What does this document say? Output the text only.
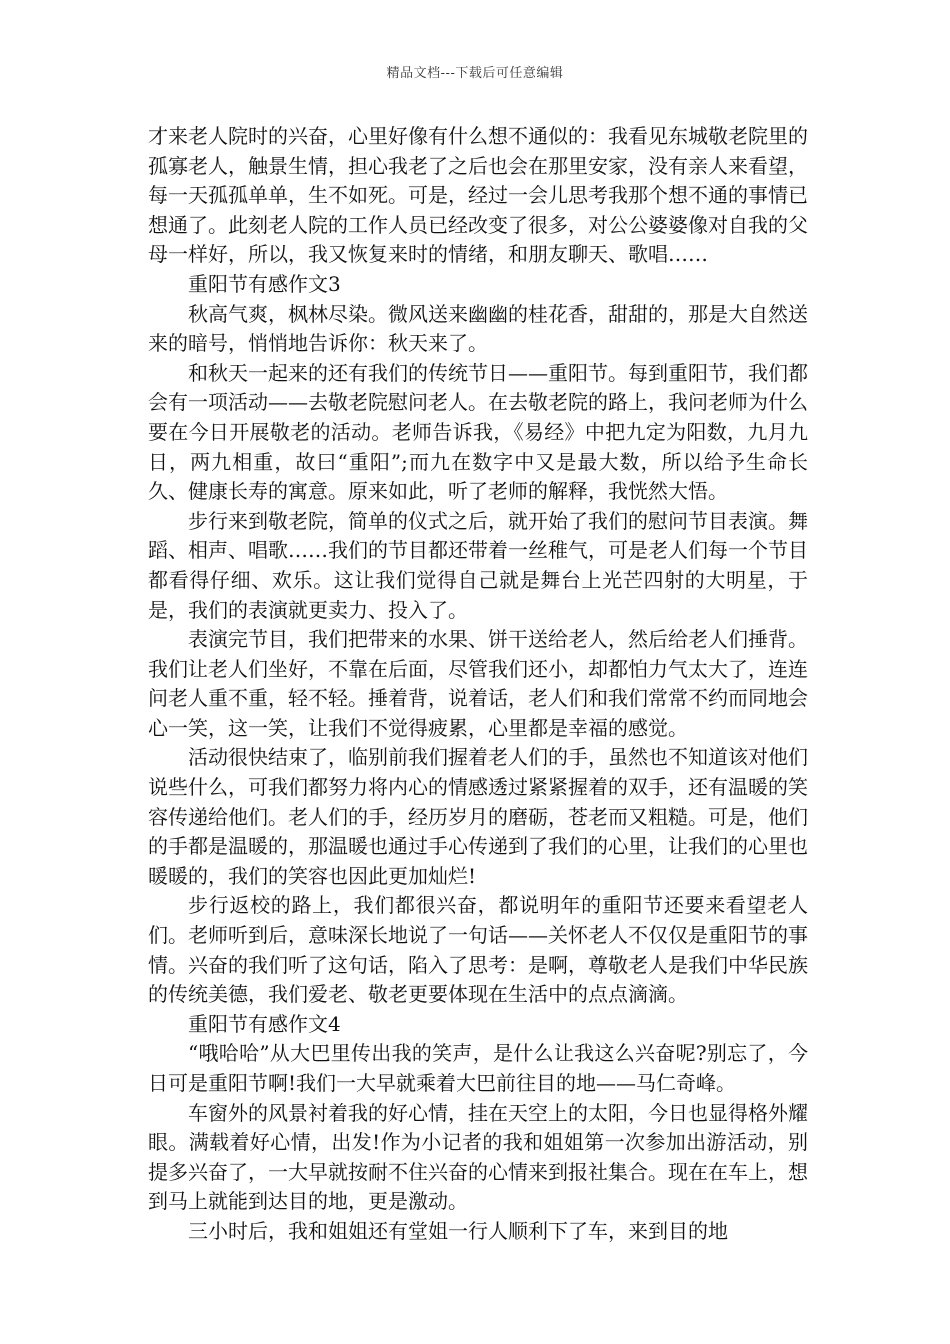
精品文档---下载后可任意编辑

才来老人院时的兴奋，心里好像有什么想不通似的：我看见东城敬老院里的孤寡老人，触景生情，担心我老了之后也会在那里安家，没有亲人来看望，每一天孤孤单单，生不如死。可是，经过一会儿思考我那个想不通的事情已想通了。此刻老人院的工作人员已经改变了很多，对公公婆婆像对自我的父母一样好，所以，我又恢复来时的情绪，和朋友聊天、歌唱……

重阳节有感作文3

秋高气爽，枫林尽染。微风送来幽幽的桂花香，甜甜的，那是大自然送来的暗号，悄悄地告诉你：秋天来了。

和秋天一起来的还有我们的传统节日——重阳节。每到重阳节，我们都会有一项活动——去敬老院慰问老人。在去敬老院的路上，我问老师为什么要在今日开展敬老的活动。老师告诉我，《易经》中把九定为阳数，九月九日，两九相重，故曰“重阳”;而九在数字中又是最大数，所以给予生命长久、健康长寿的寓意。原来如此，听了老师的解释，我恍然大悟。

步行来到敬老院，简单的仪式之后，就开始了我们的慰问节目表演。舞蹈、相声、唱歌……我们的节目都还带着一丝稚气，可是老人们每一个节目都看得仔细、欢乐。这让我们觉得自己就是舞台上光芒四射的大明星，于是，我们的表演就更卖力、投入了。

表演完节目，我们把带来的水果、饼干送给老人，然后给老人们捶背。我们让老人们坐好，不靠在后面，尽管我们还小，却都怕力气太大了，连连问老人重不重，轻不轻。捶着背，说着话，老人们和我们常常不约而同地会心一笑，这一笑，让我们不觉得疲累，心里都是幸福的感觉。

活动很快结束了，临别前我们握着老人们的手，虽然也不知道该对他们说些什么，可我们都努力将内心的情感透过紧紧握着的双手，还有温暖的笑容传递给他们。老人们的手，经历岁月的磨砺，苍老而又粗糙。可是，他们的手都是温暖的，那温暖也通过手心传递到了我们的心里，让我们的心里也暖暖的，我们的笑容也因此更加灿烂!

步行返校的路上，我们都很兴奋，都说明年的重阳节还要来看望老人们。老师听到后，意味深长地说了一句话——关怀老人不仅仅是重阳节的事情。兴奋的我们听了这句话，陷入了思考：是啊，尊敬老人是我们中华民族的传统美德，我们爱老、敬老更要体现在生活中的点点滴滴。

重阳节有感作文4

“哦哈哈”从大巴里传出我的笑声，是什么让我这么兴奋呢?别忘了，今日可是重阳节啊!我们一大早就乘着大巴前往目的地——马仁奇峰。

车窗外的风景衬着我的好心情，挂在天空上的太阳，今日也显得格外耀眼。满载着好心情，出发!作为小记者的我和姐姐第一次参加出游活动，别提多兴奋了，一大早就按耐不住兴奋的心情来到报社集合。现在在车上，想到马上就能到达目的地，更是激动。

三小时后，我和姐姐还有堂姐一行人顺利下了车，来到目的地
